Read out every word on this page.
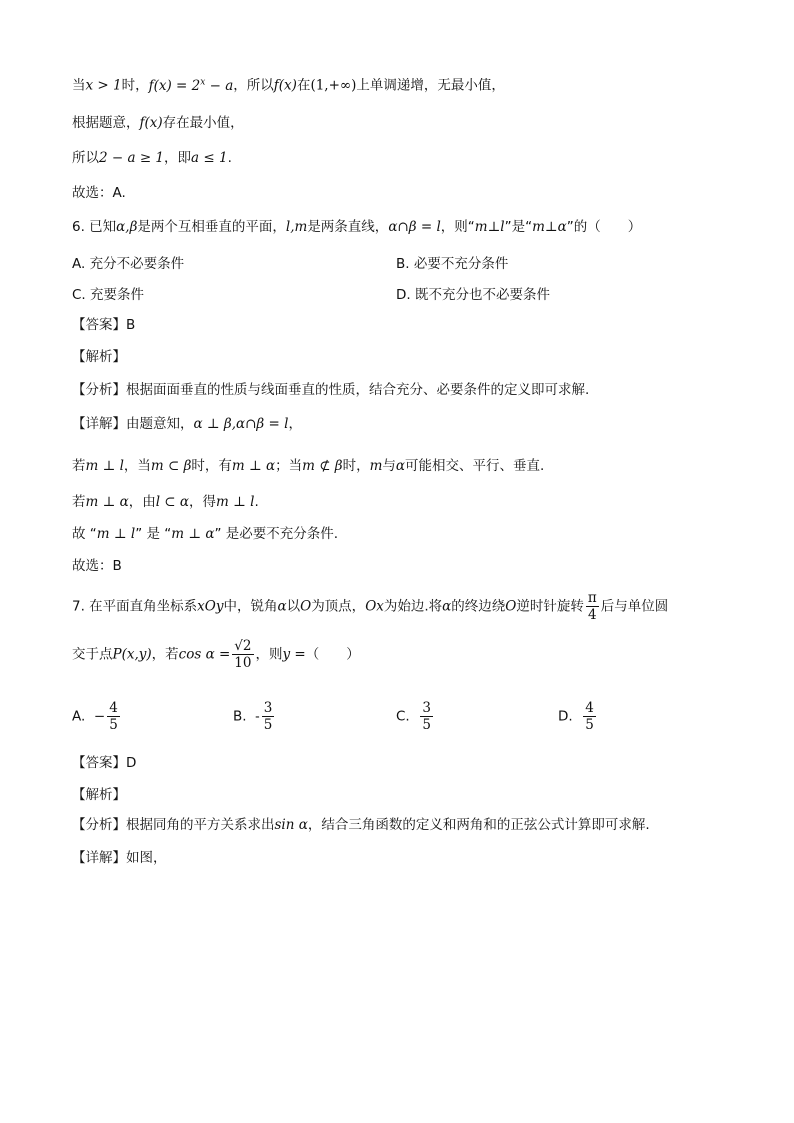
当x > 1时，$f(x) = 2^x - a$，所以f(x)在(1,+∞)上单调递增，无最小值，
根据题意，f(x)存在最小值，
所以2 − a ≥ 1，即a ≤ 1.
故选：A.
6. 已知α,β是两个互相垂直的平面，l,m是两条直线，α∩β = l，则“m⊥l”是“m⊥α”的（　　）
A. 充分不必要条件	B. 必要不充分条件
C. 充要条件	D. 既不充分也不必要条件
【答案】B
【解析】
【分析】根据面面垂直的性质与线面垂直的性质，结合充分、必要条件的定义即可求解.
【详解】由题意知，α ⊥ β,α∩β = l，
若m ⊥ l，当m ⊂ β时，有m ⊥ α；当m ⊄ β时，m与α可能相交、平行、垂直.
若m ⊥ α，由l ⊂ α，得m ⊥ l.
故 “m ⊥ l” 是 “m ⊥ α” 是必要不充分条件.
故选：B
7. 在平面直角坐标系xOy中，锐角α以O为顶点，Ox为始边.将α的终边绕O逆时针旋转 $\frac{\pi}{4}$ 后与单位圆
交于点P(x,y)，若$\cos \alpha = \frac{√2}{10}$ ，则y =（　　）
A. − $\frac{4}{5}$	B. - $\frac{3}{5}$	C. $\frac{3}{5}$	D. $\frac{4}{5}$
【答案】D
【解析】
【分析】根据同角的平方关系求出sin α，结合三角函数的定义和两角和的正弦公式计算即可求解.
【详解】如图，
